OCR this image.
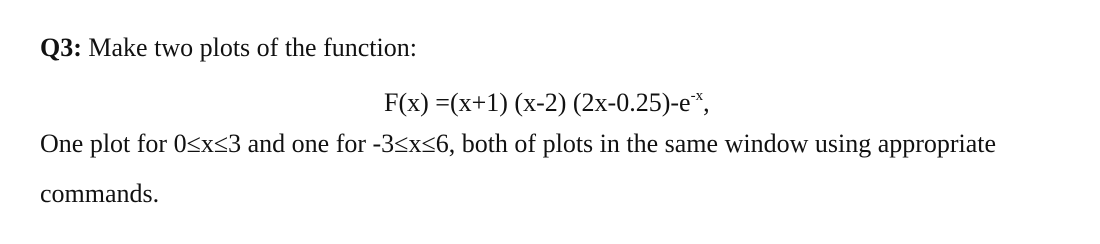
Q3: Make two plots of the function:
F(x) =(x+1) (x-2) $(2x-0.25)-e^{-x}$,
One plot for 0≤x≤3 and one for -3≤x≤6, both of plots in the same window using appropriate
commands.
